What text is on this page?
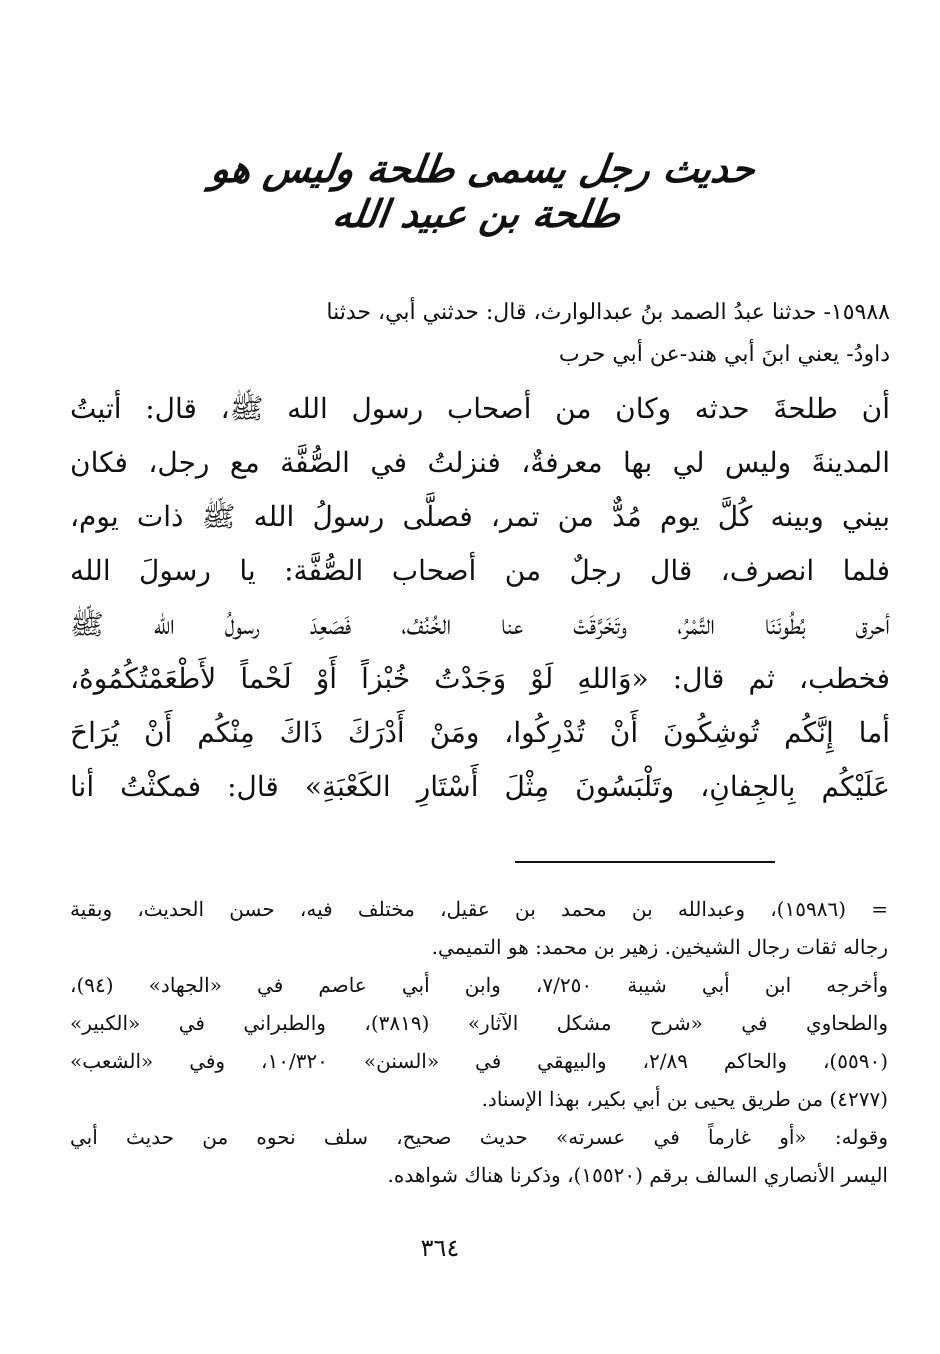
حديث رجل يسمى طلحة وليس هو طلحة بن عبيد الله
١٥٩٨٨- حدثنا عبدُ الصمد بنُ عبدالوارث، قال: حدثني أبي، حدثنا
داودُ- يعني ابنَ أبي هند-عن أبي حرب
أن طلحةَ حدثه وكان من أصحاب رسول الله ﷺ، قال: أتيتُ
المدينةَ وليس لي بها معرفةٌ، فنزلتُ في الصُّفَّة مع رجل، فكان
بيني وبينه كُلَّ يوم مُدٌّ من تمر، فصلَّى رسولُ الله ﷺ ذات يوم،
فلما انصرف، قال رجلٌ من أصحاب الصُّفَّة: يا رسولَ الله
أحرق بُطُونَنَا التَّمْرُ، وتَخَرَّقَتْ عنا الخُنُفُ، فَصَعِدَ رسولُ الله ﷺ
فخطب، ثم قال: «وَاللهِ لَوْ وَجَدْتُ خُبْزاً أَوْ لَحْماً لأَطْعَمْتُكُمُوهُ،
أما إِنَّكُم تُوشِكُونَ أَنْ تُدْرِكُوا، ومَنْ أَدْرَكَ ذَاكَ مِنْكُم أَنْ يُرَاحَ
عَلَيْكُم بِالجِفانِ، وتَلْبَسُونَ مِثْلَ أَسْتَارِ الكَعْبَةِ» قال: فمكثْتُ أنا
= (١٥٩٨٦)، وعبدالله بن محمد بن عقيل، مختلف فيه، حسن الحديث، وبقية
رجاله ثقات رجال الشيخين. زهير بن محمد: هو التميمي.
وأخرجه ابن أبي شيبة ٧/٢٥٠، وابن أبي عاصم في «الجهاد» (٩٤)،
والطحاوي في «شرح مشكل الآثار» (٣٨١٩)، والطبراني في «الكبير»
(٥٥٩٠)، والحاكم ٢/٨٩، والبيهقي في «السنن» ١٠/٣٢٠، وفي «الشعب»
(٤٢٧٧) من طريق يحيى بن أبي بكير، بهذا الإسناد.
وقوله: «أو غارماً في عسرته» حديث صحيح، سلف نحوه من حديث أبي
اليسر الأنصاري السالف برقم (١٥٥٢٠)، وذكرنا هناك شواهده.
٣٦٤
